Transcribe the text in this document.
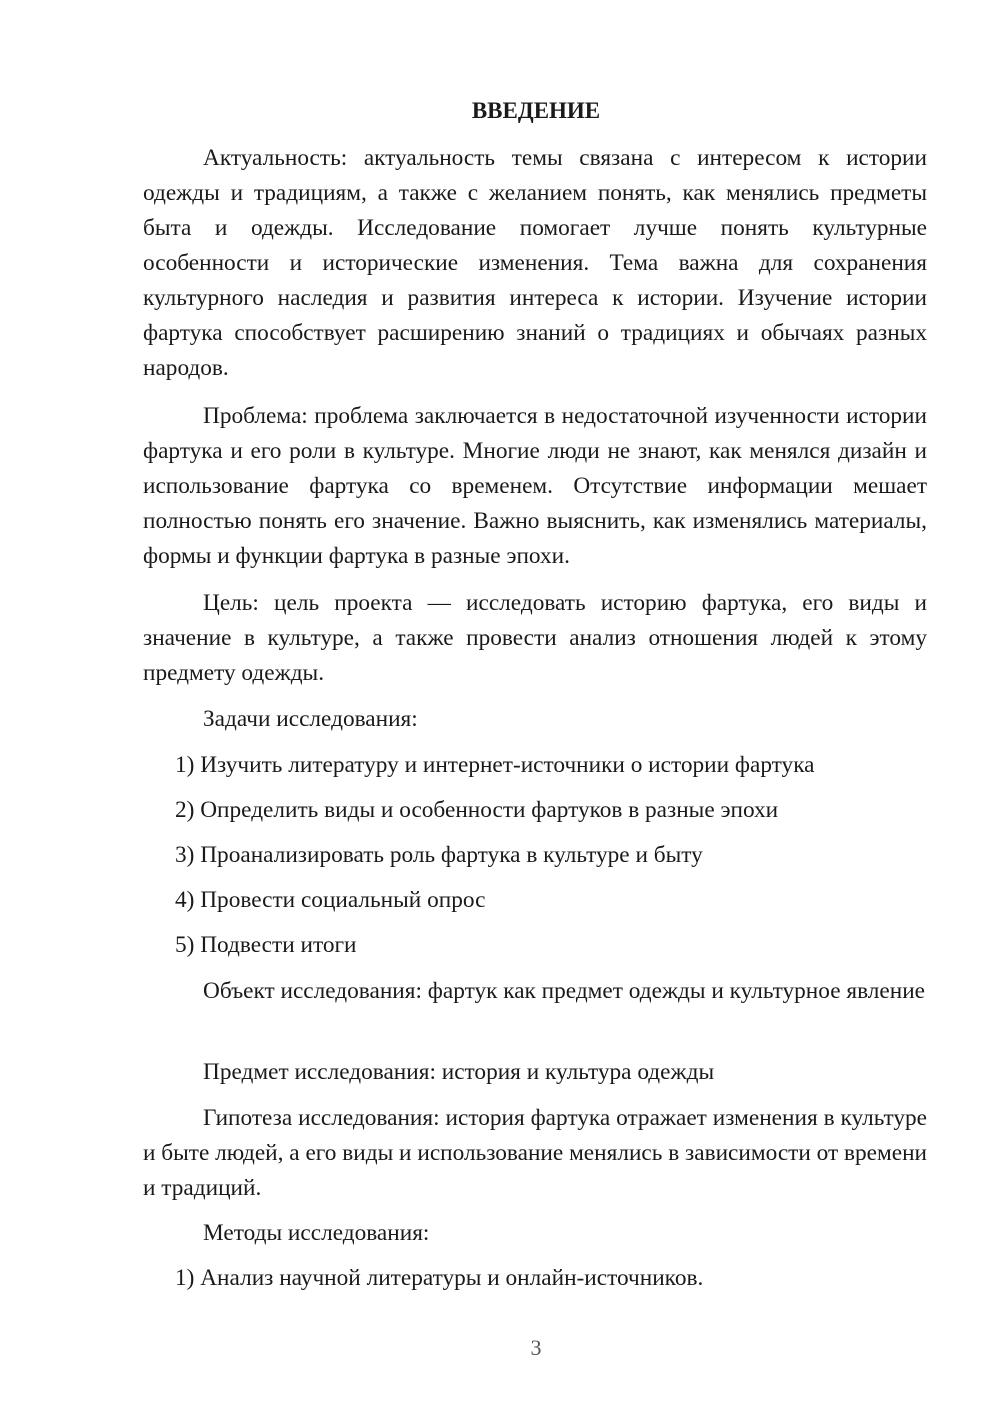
ВВЕДЕНИЕ

Актуальность: актуальность темы связана с интересом к истории одежды и традициям, а также с желанием понять, как менялись предметы быта и одежды. Исследование помогает лучше понять культурные особенности и исторические изменения. Тема важна для сохранения культурного наследия и развития интереса к истории. Изучение истории фартука способствует расширению знаний о традициях и обычаях разных народов.

Проблема: проблема заключается в недостаточной изученности истории фартука и его роли в культуре. Многие люди не знают, как менялся дизайн и использование фартука со временем. Отсутствие информации мешает полностью понять его значение. Важно выяснить, как изменялись материалы, формы и функции фартука в разные эпохи.

Цель: цель проекта — исследовать историю фартука, его виды и значение в культуре, а также провести анализ отношения людей к этому предмету одежды.

Задачи исследования:

1) Изучить литературу и интернет-источники о истории фартука

2) Определить виды и особенности фартуков в разные эпохи

3) Проанализировать роль фартука в культуре и быту

4) Провести социальный опрос

5) Подвести итоги

Объект исследования: фартук как предмет одежды и культурное явление

Предмет исследования: история и культура одежды

Гипотеза исследования: история фартука отражает изменения в культуре и быте людей, а его виды и использование менялись в зависимости от времени и традиций.

Методы исследования:

1) Анализ научной литературы и онлайн-источников.

3
